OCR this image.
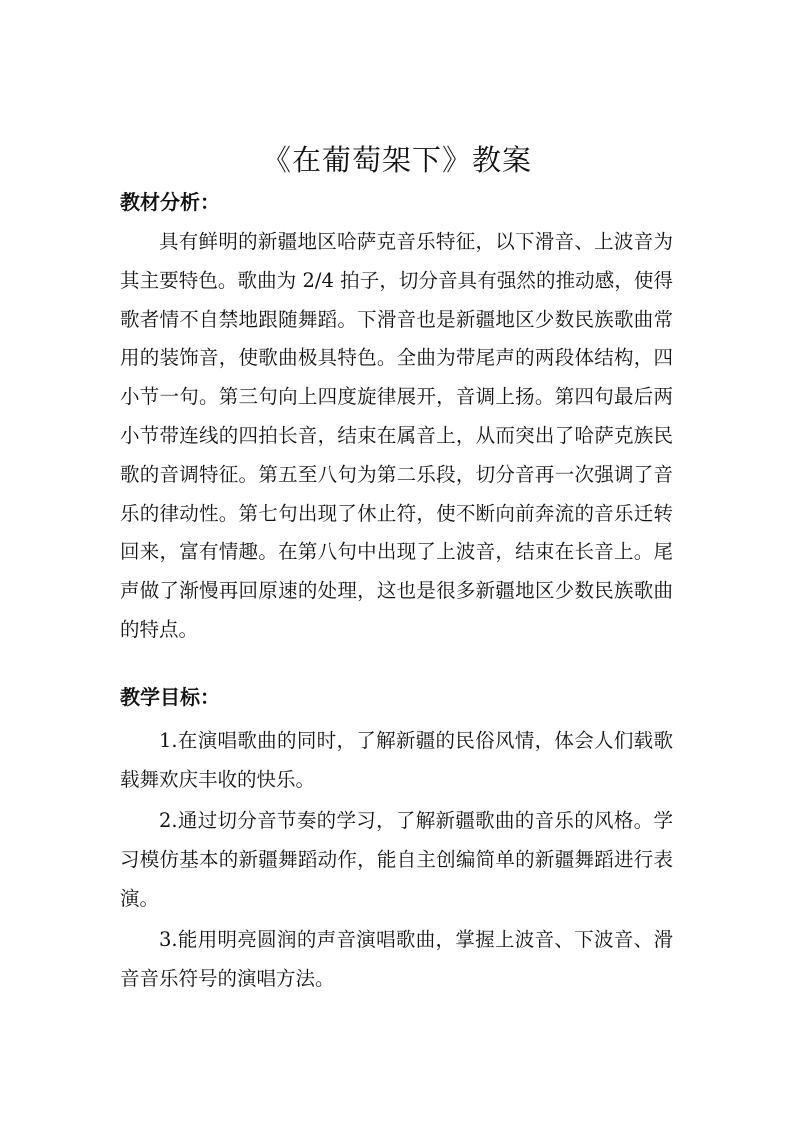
《在葡萄架下》教案
教材分析：

具有鲜明的新疆地区哈萨克音乐特征，以下滑音、上波音为其主要特色。歌曲为 2/4 拍子，切分音具有强然的推动感，使得歌者情不自禁地跟随舞蹈。下滑音也是新疆地区少数民族歌曲常用的装饰音，使歌曲极具特色。全曲为带尾声的两段体结构，四小节一句。第三句向上四度旋律展开，音调上扬。第四句最后两小节带连线的四拍长音，结束在属音上，从而突出了哈萨克族民歌的音调特征。第五至八句为第二乐段，切分音再一次强调了音乐的律动性。第七句出现了休止符，使不断向前奔流的音乐迁转回来，富有情趣。在第八句中出现了上波音，结束在长音上。尾声做了渐慢再回原速的处理，这也是很多新疆地区少数民族歌曲的特点。

教学目标：

1.在演唱歌曲的同时，了解新疆的民俗风情，体会人们载歌载舞欢庆丰收的快乐。

2.通过切分音节奏的学习，了解新疆歌曲的音乐的风格。学习模仿基本的新疆舞蹈动作，能自主创编简单的新疆舞蹈进行表演。

3.能用明亮圆润的声音演唱歌曲，掌握上波音、下波音、滑音音乐符号的演唱方法。
